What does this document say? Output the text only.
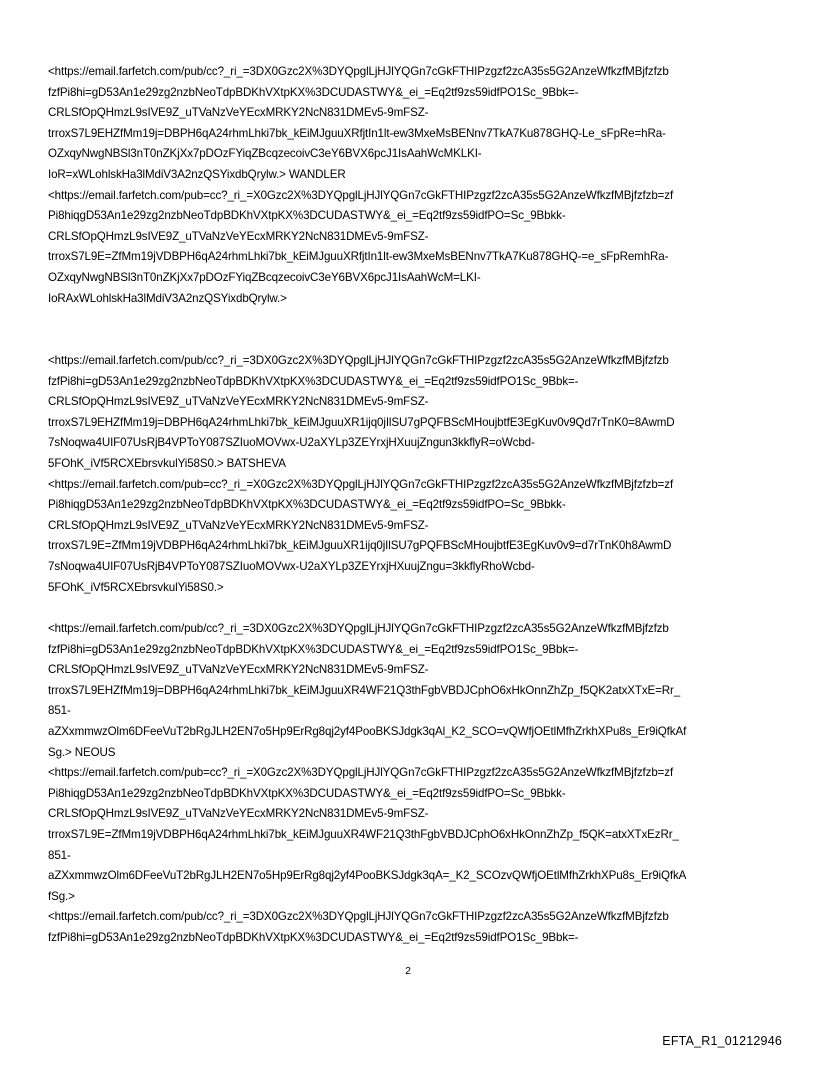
<https://email.farfetch.com/pub/cc?_ri_=3DX0Gzc2X%3DYQpglLjHJlYQGn7cGkFTHIPzgzf2zcA35s5G2AnzeWfkzfMBjfzfzb
fzfPi8hi=gD53An1e29zg2nzbNeoTdpBDKhVXtpKX%3DCUDASTWY&_ei_=Eq2tf9zs59idfPO1Sc_9Bbk=-
CRLSfOpQHmzL9sIVE9Z_uTVaNzVeYEcxMRKY2NcN831DMEv5-9mFSZ-
trroxS7L9EHZfMm19j=DBPH6qA24rhmLhki7bk_kEiMJguuXRfjtIn1lt-ew3MxeMsBENnv7TkA7Ku878GHQ-Le_sFpRe=hRa-
OZxqyNwgNBSl3nT0nZKjXx7pDOzFYiqZBcqzecoivC3eY6BVX6pcJ1IsAahWcMKLKI-
IoR=xWLohlskHa3lMdiV3A2nzQSYixdbQrylw.> WANDLER
<https://email.farfetch.com/pub=cc?_ri_=X0Gzc2X%3DYQpglLjHJlYQGn7cGkFTHIPzgzf2zcA35s5G2AnzeWfkzfMBjfzfzb=zf
Pi8hiqgD53An1e29zg2nzbNeoTdpBDKhVXtpKX%3DCUDASTWY&_ei_=Eq2tf9zs59idfPO=Sc_9Bbkk-
CRLSfOpQHmzL9sIVE9Z_uTVaNzVeYEcxMRKY2NcN831DMEv5-9mFSZ-
trroxS7L9E=ZfMm19jVDBPH6qA24rhmLhki7bk_kEiMJguuXRfjtIn1lt-ew3MxeMsBENnv7TkA7Ku878GHQ-=e_sFpRemhRa-
OZxqyNwgNBSl3nT0nZKjXx7pDOzFYiqZBcqzecoivC3eY6BVX6pcJ1IsAahWcM=LKI-
IoRAxWLohlskHa3lMdiV3A2nzQSYixdbQrylw.>
<https://email.farfetch.com/pub/cc?_ri_=3DX0Gzc2X%3DYQpglLjHJlYQGn7cGkFTHIPzgzf2zcA35s5G2AnzeWfkzfMBjfzfzb
fzfPi8hi=gD53An1e29zg2nzbNeoTdpBDKhVXtpKX%3DCUDASTWY&_ei_=Eq2tf9zs59idfPO1Sc_9Bbk=-
CRLSfOpQHmzL9sIVE9Z_uTVaNzVeYEcxMRKY2NcN831DMEv5-9mFSZ-
trroxS7L9EHZfMm19j=DBPH6qA24rhmLhki7bk_kEiMJguuXR1ijq0jIlSU7gPQFBScMHoujbtfE3EgKuv0v9Qd7rTnK0=8AwmD
7sNoqwa4UIF07UsRjB4VPToY087SZIuoMOVwx-U2aXYLp3ZEYrxjHXuujZngun3kkflyR=oWcbd-
5FOhK_iVf5RCXEbrsvkulYi58S0.> BATSHEVA
<https://email.farfetch.com/pub=cc?_ri_=X0Gzc2X%3DYQpglLjHJlYQGn7cGkFTHIPzgzf2zcA35s5G2AnzeWfkzfMBjfzfzb=zf
Pi8hiqgD53An1e29zg2nzbNeoTdpBDKhVXtpKX%3DCUDASTWY&_ei_=Eq2tf9zs59idfPO=Sc_9Bbkk-
CRLSfOpQHmzL9sIVE9Z_uTVaNzVeYEcxMRKY2NcN831DMEv5-9mFSZ-
trroxS7L9E=ZfMm19jVDBPH6qA24rhmLhki7bk_kEiMJguuXR1ijq0jIlSU7gPQFBScMHoujbtfE3EgKuv0v9=d7rTnK0h8AwmD
7sNoqwa4UIF07UsRjB4VPToY087SZIuoMOVwx-U2aXYLp3ZEYrxjHXuujZngu=3kkflyRhoWcbd-
5FOhK_iVf5RCXEbrsvkulYi58S0.>
<https://email.farfetch.com/pub/cc?_ri_=3DX0Gzc2X%3DYQpglLjHJlYQGn7cGkFTHIPzgzf2zcA35s5G2AnzeWfkzfMBjfzfzb
fzfPi8hi=gD53An1e29zg2nzbNeoTdpBDKhVXtpKX%3DCUDASTWY&_ei_=Eq2tf9zs59idfPO1Sc_9Bbk=-
CRLSfOpQHmzL9sIVE9Z_uTVaNzVeYEcxMRKY2NcN831DMEv5-9mFSZ-
trroxS7L9EHZfMm19j=DBPH6qA24rhmLhki7bk_kEiMJguuXR4WF21Q3thFgbVBDJCphO6xHkOnnZhZp_f5QK2atxXTxE=Rr_
851-
aZXxmmwzOlm6DFeeVuT2bRgJLH2EN7o5Hp9ErRg8qj2yf4PooBKSJdgk3qAl_K2_SCO=vQWfjOEtlMfhZrkhXPu8s_Er9iQfkAf
Sg.> NEOUS
<https://email.farfetch.com/pub=cc?_ri_=X0Gzc2X%3DYQpglLjHJlYQGn7cGkFTHIPzgzf2zcA35s5G2AnzeWfkzfMBjfzfzb=zf
Pi8hiqgD53An1e29zg2nzbNeoTdpBDKhVXtpKX%3DCUDASTWY&_ei_=Eq2tf9zs59idfPO=Sc_9Bbkk-
CRLSfOpQHmzL9sIVE9Z_uTVaNzVeYEcxMRKY2NcN831DMEv5-9mFSZ-
trroxS7L9E=ZfMm19jVDBPH6qA24rhmLhki7bk_kEiMJguuXR4WF21Q3thFgbVBDJCphO6xHkOnnZhZp_f5QK=atxXTxEzRr_
851-
aZXxmmwzOlm6DFeeVuT2bRgJLH2EN7o5Hp9ErRg8qj2yf4PooBKSJdgk3qA=_K2_SCOzvQWfjOEtlMfhZrkhXPu8s_Er9iQfkA
fSg.>
<https://email.farfetch.com/pub/cc?_ri_=3DX0Gzc2X%3DYQpglLjHJlYQGn7cGkFTHIPzgzf2zcA35s5G2AnzeWfkzfMBjfzfzb
fzfPi8hi=gD53An1e29zg2nzbNeoTdpBDKhVXtpKX%3DCUDASTWY&_ei_=Eq2tf9zs59idfPO1Sc_9Bbk=-
2
EFTA_R1_01212946
